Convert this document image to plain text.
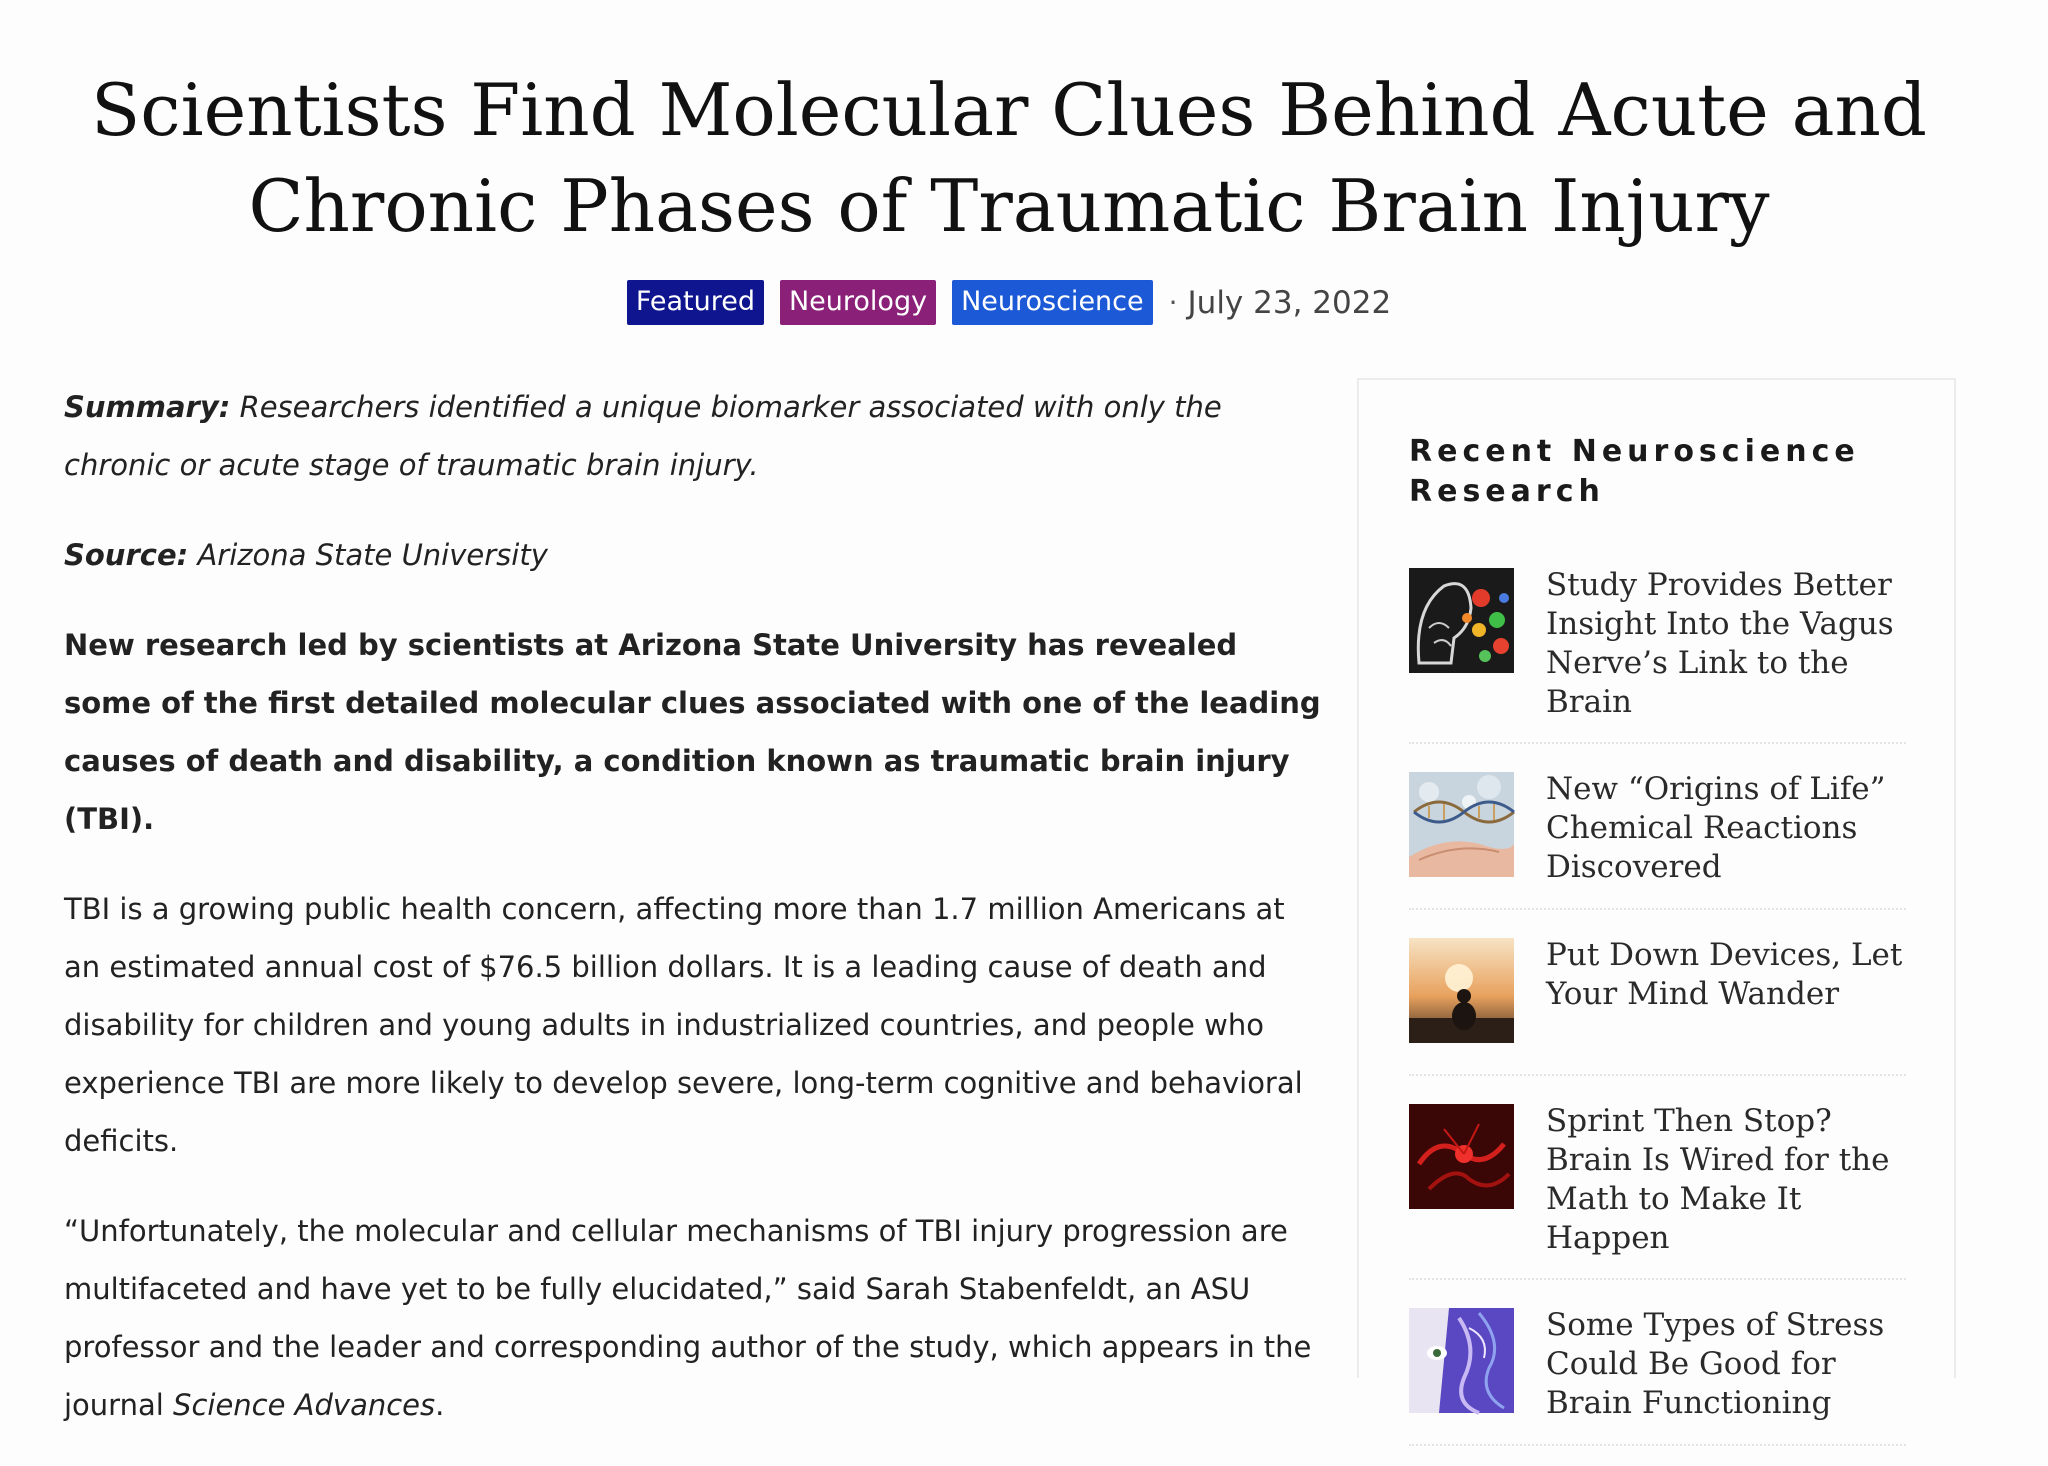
Scientists Find Molecular Clues Behind Acute and Chronic Phases of Traumatic Brain Injury
Featured	Neurology	Neuroscience · July 23, 2022

Summary: Researchers identified a unique biomarker associated with only the chronic or acute stage of traumatic brain injury.

Source: Arizona State University

New research led by scientists at Arizona State University has revealed some of the first detailed molecular clues associated with one of the leading causes of death and disability, a condition known as traumatic brain injury (TBI).

TBI is a growing public health concern, affecting more than 1.7 million Americans at an estimated annual cost of $76.5 billion dollars. It is a leading cause of death and disability for children and young adults in industrialized countries, and people who experience TBI are more likely to develop severe, long-term cognitive and behavioral deficits.

“Unfortunately, the molecular and cellular mechanisms of TBI injury progression are multifaceted and have yet to be fully elucidated,” said Sarah Stabenfeldt, an ASU professor and the leader and corresponding author of the study, which appears in the journal Science Advances.

Recent Neuroscience Research
Study Provides Better Insight Into the Vagus Nerve’s Link to the Brain
New “Origins of Life” Chemical Reactions Discovered
Put Down Devices, Let Your Mind Wander
Sprint Then Stop? Brain Is Wired for the Math to Make It Happen
Some Types of Stress Could Be Good for Brain Functioning
